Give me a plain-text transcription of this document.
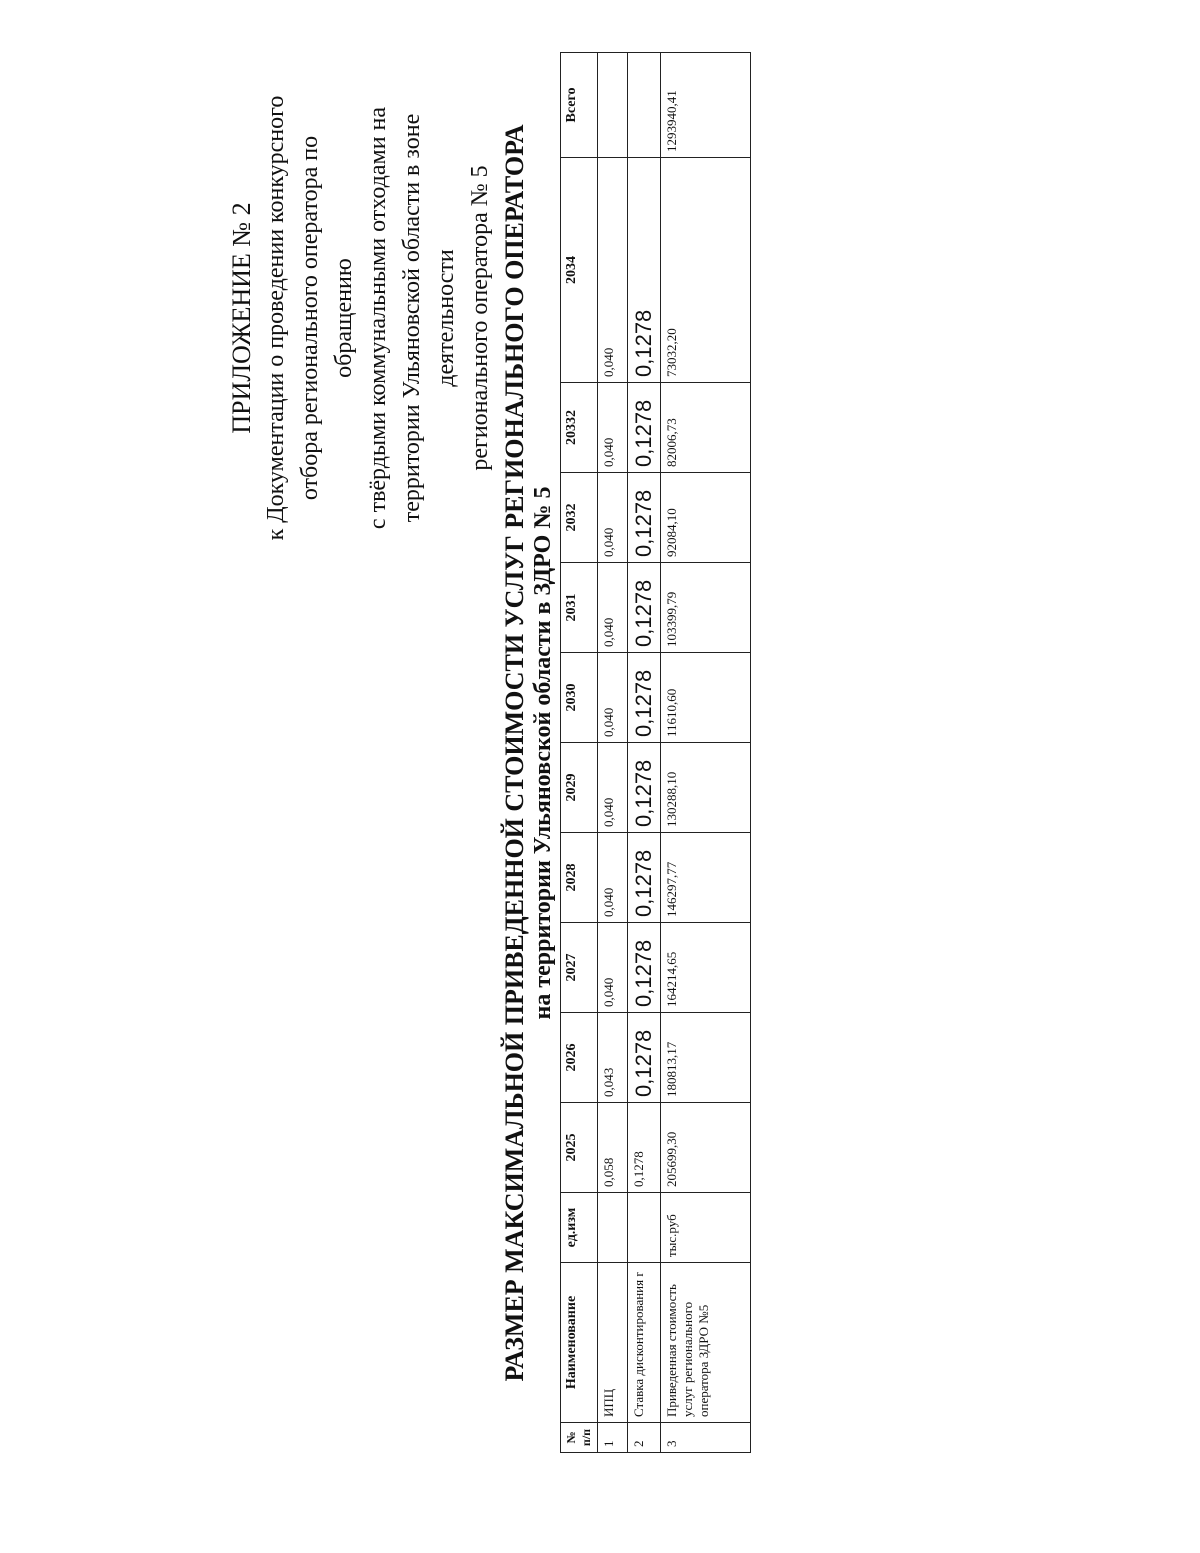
РАЗМЕР МАКСИМАЛЬНОЙ ПРИВЕДЕННОЙ СТОИМОСТИ УСЛУГ РЕГИОНАЛЬНОГО ОПЕРАТОРА на территории Ульяновской области в ЗДРО № 5
№ п/п	Наименование	ед.изм	2025	2026	2027	2028	2029	2030	2031	2032	20332	2034	Всего
1	ИПЦ		0,058	0,043	0,040	0,040	0,040	0,040	0,040	0,040	0,040	0,040	
2	Ставка дисконтирования r		0,1278	0,1278	0,1278	0,1278	0,1278	0,1278	0,1278	0,1278	0,1278	0,1278	
3	Приведенная стоимость услуг регионального оператора ЗДРО №5	тыс.руб	205699,30	180813,17	164214,65	146297,77	130288,10	11610,60	103399,79	92084,10	82006,73	73032,20	1293940,41
ПРИЛОЖЕНИЕ № 2 к Документации о проведении конкурсного отбора регионального оператора по обращению с твёрдыми коммунальными отходами на территории Ульяновской области в зоне деятельности регионального оператора № 5
